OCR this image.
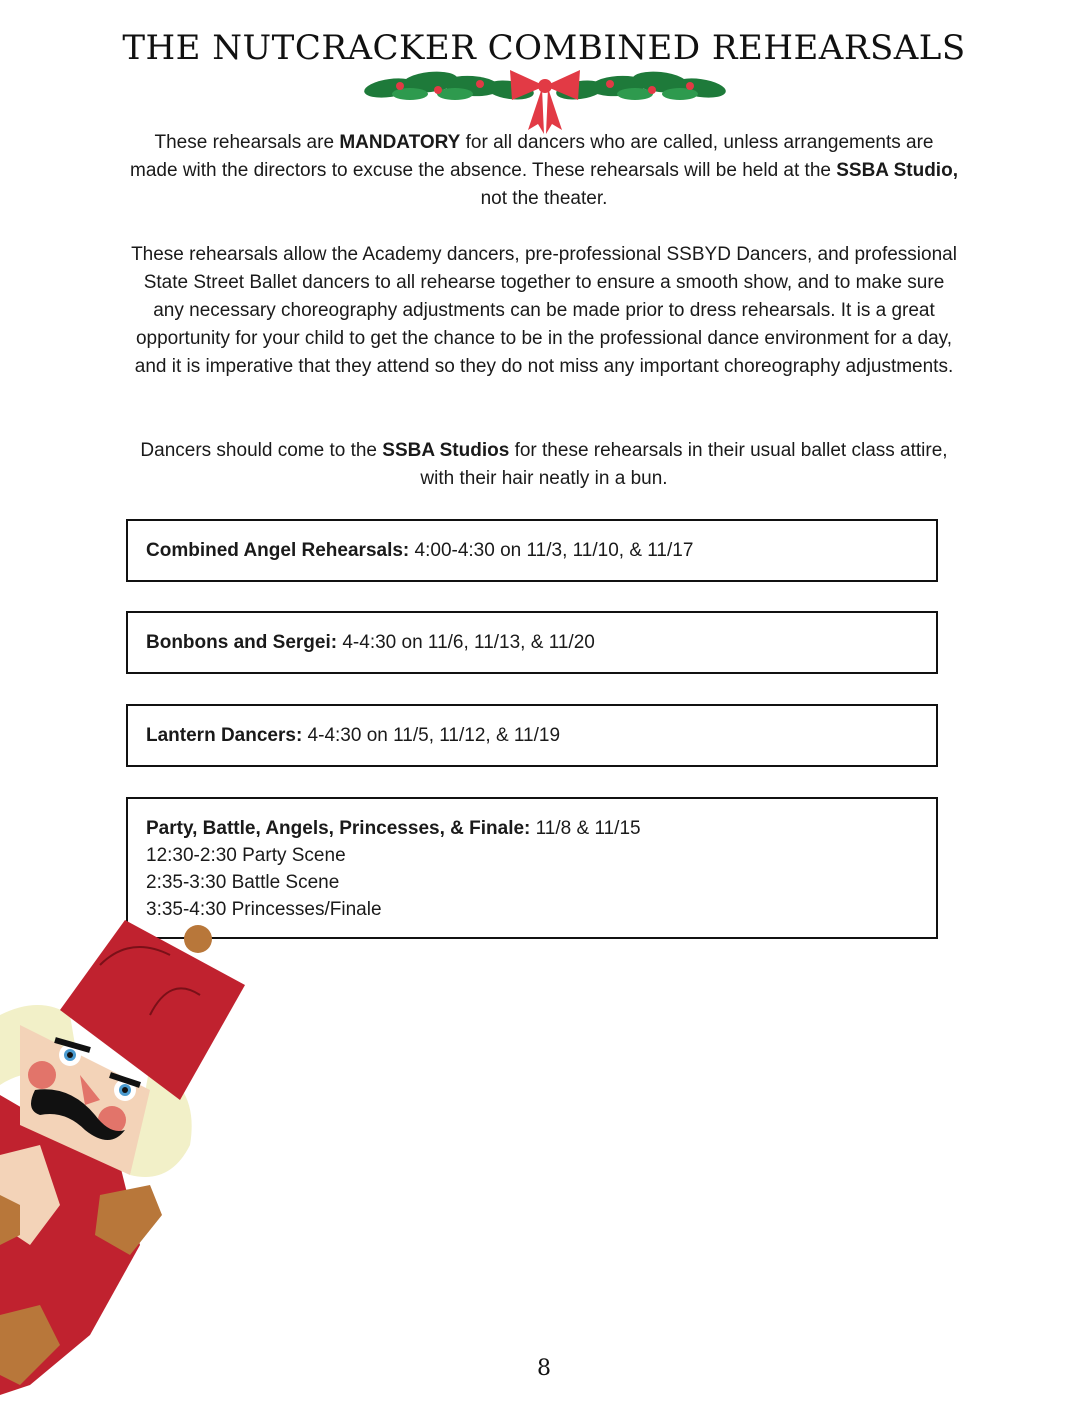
THE NUTCRACKER COMBINED REHEARSALS

These rehearsals are MANDATORY for all dancers who are called, unless arrangements are made with the directors to excuse the absence. These rehearsals will be held at the SSBA Studio, not the theater.

These rehearsals allow the Academy dancers, pre-professional SSBYD Dancers, and professional State Street Ballet dancers to all rehearse together to ensure a smooth show, and to make sure any necessary choreography adjustments can be made prior to dress rehearsals. It is a great opportunity for your child to get the chance to be in the professional dance environment for a day, and it is imperative that they attend so they do not miss any important choreography adjustments.

Dancers should come to the SSBA Studios for these rehearsals in their usual ballet class attire, with their hair neatly in a bun.

Combined Angel Rehearsals: 4:00-4:30 on 11/3, 11/10, & 11/17
Bonbons and Sergei: 4-4:30 on 11/6, 11/13, & 11/20
Lantern Dancers: 4-4:30 on 11/5, 11/12, & 11/19
Party, Battle, Angels, Princesses, & Finale: 11/8 & 11/15
12:30-2:30 Party Scene
2:35-3:30 Battle Scene
3:35-4:30 Princesses/Finale
8
